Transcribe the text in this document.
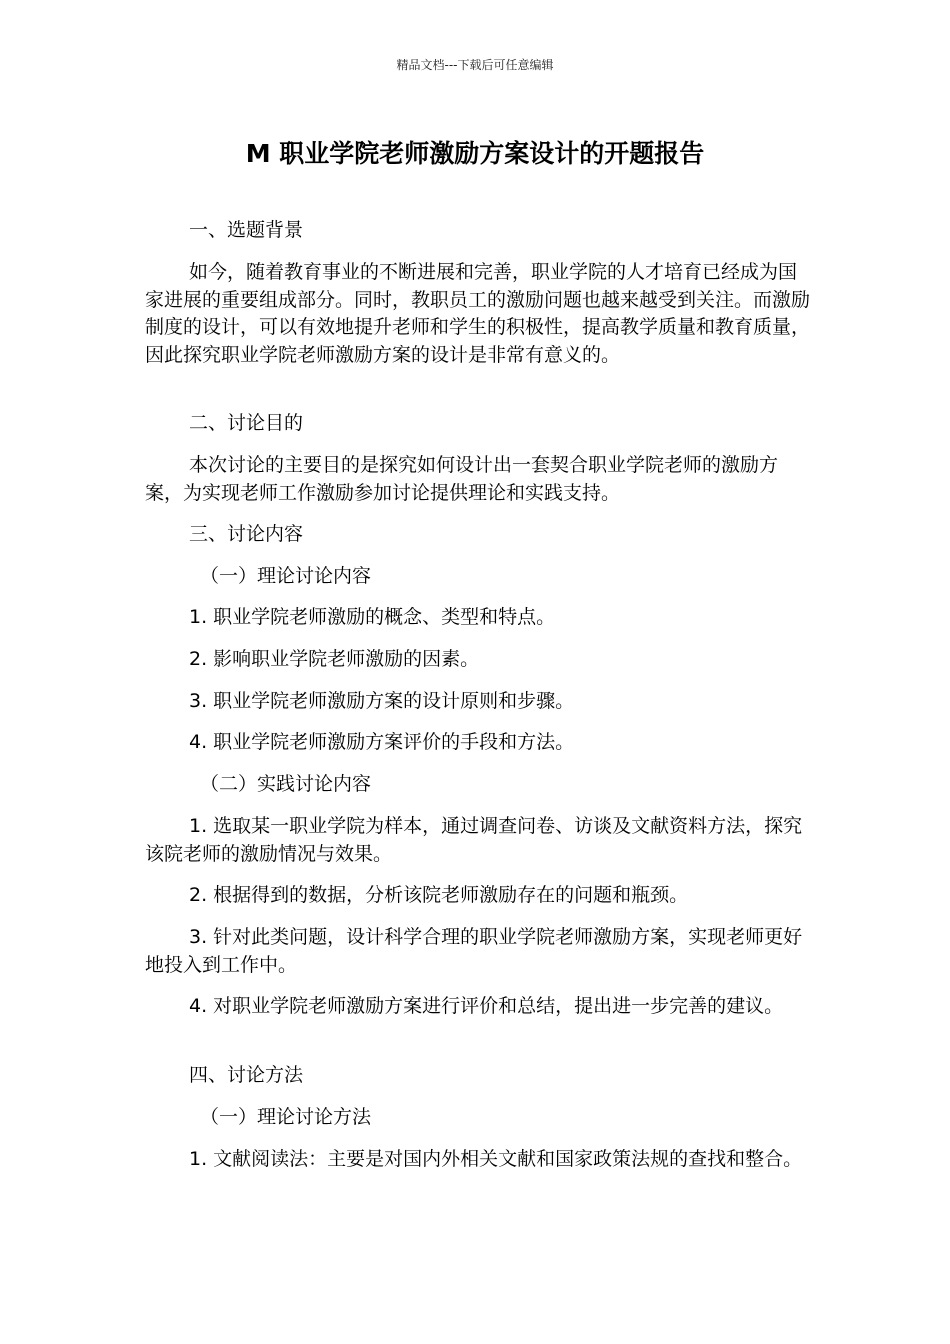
精品文档---下载后可任意编辑
M 职业学院老师激励方案设计的开题报告

一、选题背景

如今，随着教育事业的不断进展和完善，职业学院的人才培育已经成为国家进展的重要组成部分。同时，教职员工的激励问题也越来越受到关注。而激励制度的设计，可以有效地提升老师和学生的积极性，提高教学质量和教育质量，因此探究职业学院老师激励方案的设计是非常有意义的。

二、讨论目的

本次讨论的主要目的是探究如何设计出一套契合职业学院老师的激励方案，为实现老师工作激励参加讨论提供理论和实践支持。

三、讨论内容

（一）理论讨论内容

1. 职业学院老师激励的概念、类型和特点。

2. 影响职业学院老师激励的因素。

3. 职业学院老师激励方案的设计原则和步骤。

4. 职业学院老师激励方案评价的手段和方法。

（二）实践讨论内容

1. 选取某一职业学院为样本，通过调查问卷、访谈及文献资料方法，探究该院老师的激励情况与效果。

2. 根据得到的数据，分析该院老师激励存在的问题和瓶颈。

3. 针对此类问题，设计科学合理的职业学院老师激励方案，实现老师更好地投入到工作中。

4. 对职业学院老师激励方案进行评价和总结，提出进一步完善的建议。

四、讨论方法

（一）理论讨论方法

1. 文献阅读法：主要是对国内外相关文献和国家政策法规的查找和整合。
